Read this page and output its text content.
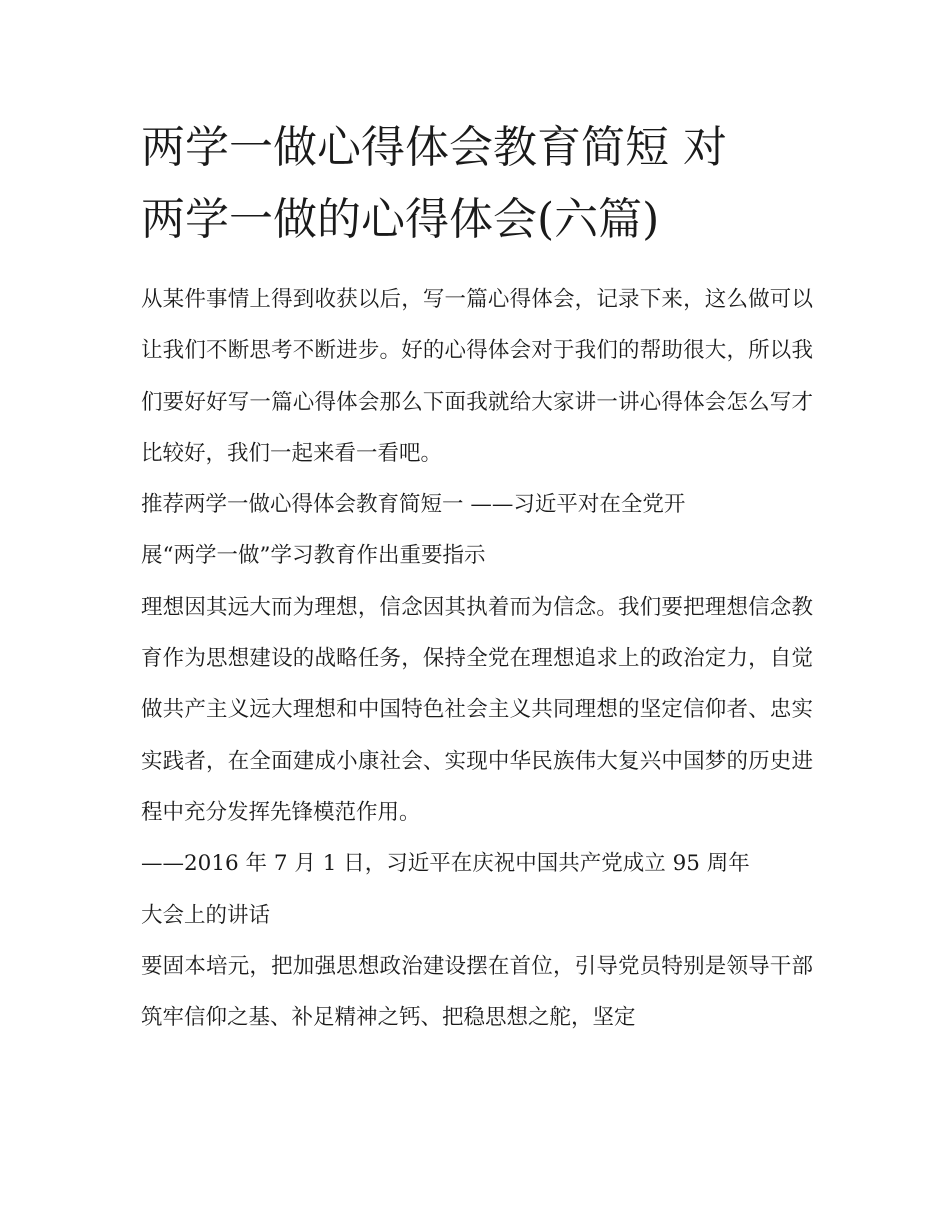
两学一做心得体会教育简短 对
两学一做的心得体会(六篇)

从某件事情上得到收获以后，写一篇心得体会，记录下来，这么做可以让我们不断思考不断进步。好的心得体会对于我们的帮助很大，所以我们要好好写一篇心得体会那么下面我就给大家讲一讲心得体会怎么写才比较好，我们一起来看一看吧。

推荐两学一做心得体会教育简短一 ——习近平对在全党开
展“两学一做”学习教育作出重要指示

理想因其远大而为理想，信念因其执着而为信念。我们要把理想信念教育作为思想建设的战略任务，保持全党在理想追求上的政治定力，自觉做共产主义远大理想和中国特色社会主义共同理想的坚定信仰者、忠实实践者，在全面建成小康社会、实现中华民族伟大复兴中国梦的历史进程中充分发挥先锋模范作用。

——2016 年 7 月 1 日，习近平在庆祝中国共产党成立 95 周年
大会上的讲话

要固本培元，把加强思想政治建设摆在首位，引导党员特别是领导干部筑牢信仰之基、补足精神之钙、把稳思想之舵，坚定
